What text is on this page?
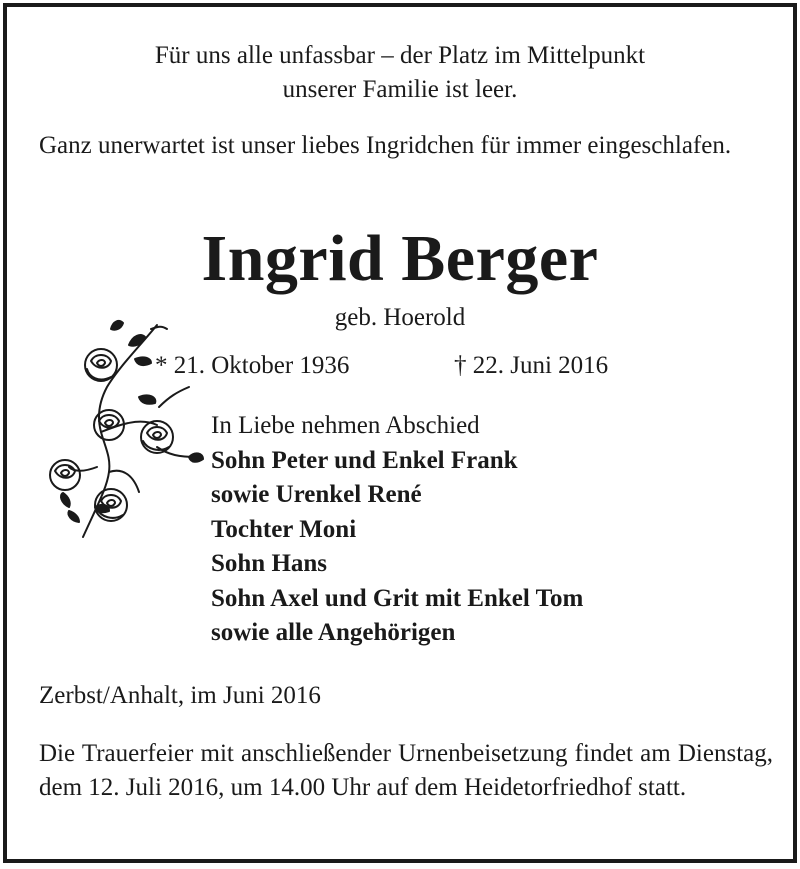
Für uns alle unfassbar – der Platz im Mittelpunkt
unserer Familie ist leer.
Ganz unerwartet ist unser liebes Ingridchen für immer eingeschlafen.
Ingrid Berger
geb. Hoerold
* 21. Oktober 1936	† 22. Juni 2016
In Liebe nehmen Abschied
Sohn Peter und Enkel Frank
sowie Urenkel René
Tochter Moni
Sohn Hans
Sohn Axel und Grit mit Enkel Tom
sowie alle Angehörigen
Zerbst/Anhalt, im Juni 2016
Die Trauerfeier mit anschließender Urnenbeisetzung findet am Dienstag, dem 12. Juli 2016, um 14.00 Uhr auf dem Heidetorfriedhof statt.
